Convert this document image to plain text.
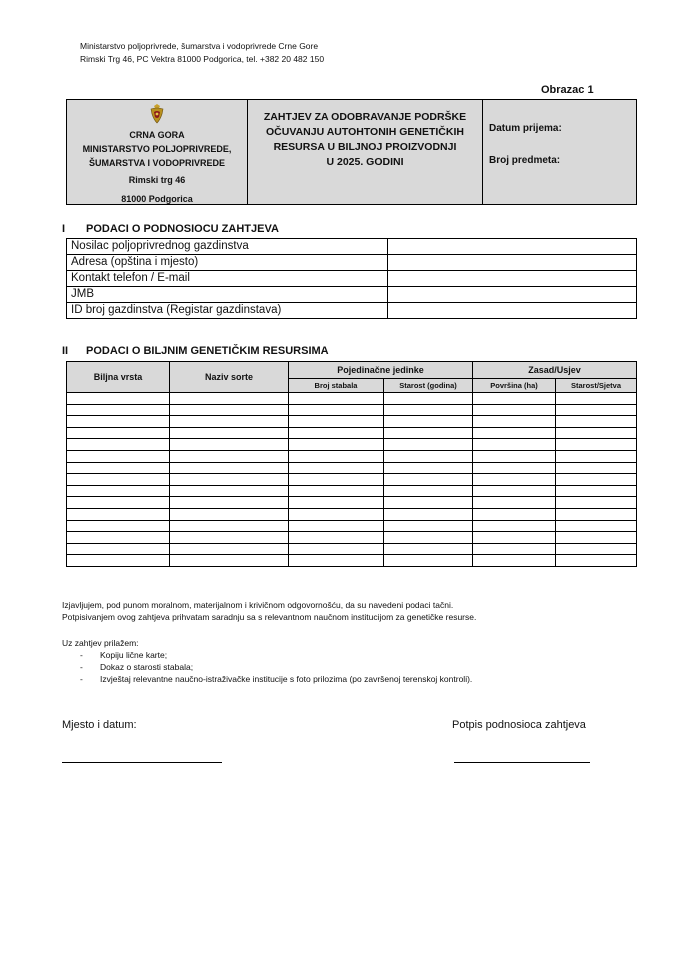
Ministarstvo poljoprivrede, šumarstva i vodoprivrede Crne Gore
Rimski Trg 46, PC Vektra 81000 Podgorica, tel. +382 20 482 150
Obrazac 1
CRNA GORA
MINISTARSTVO POLJOPRIVREDE,
ŠUMARSTVA I VODOPRIVREDE
Rimski trg 46
81000 Podgorica
ZAHTJEV ZA ODOBRAVANJE PODRŠKE
OČUVANJU AUTOHTONIH GENETIČKIH
RESURSA U BILJNOJ PROIZVODNJI
U 2025. GODINI
Datum prijema:
Broj predmeta:
I PODACI O PODNOSIOCU ZAHTJEVA
Nosilac poljoprivrednog gazdinstva	
Adresa (opština i mjesto)	
Kontakt telefon / E-mail	
JMB	
ID broj gazdinstva (Registar gazdinstava)	
II PODACI O BILJNIM GENETIČKIM RESURSIMA
Biljna vrsta	Naziv sorte	Pojedinačne jedinke		Zasad/Usjev	
		Broj stabala	Starost (godina)	Površina (ha)	Starost/Sjetva

Izjavljujem, pod punom moralnom, materijalnom i krivičnom odgovornošću, da su navedeni podaci tačni.
Potpisivanjem ovog zahtjeva prihvatam saradnju sa s relevantnom naučnom institucijom za genetičke resurse.
Uz zahtjev prilažem:
- Kopiju lične karte;
- Dokaz o starosti stabala;
- Izvještaj relevantne naučno-istraživačke institucije s foto prilozima (po završenoj terenskoj kontroli).
Mjesto i datum:	Potpis podnosioca zahtjeva
